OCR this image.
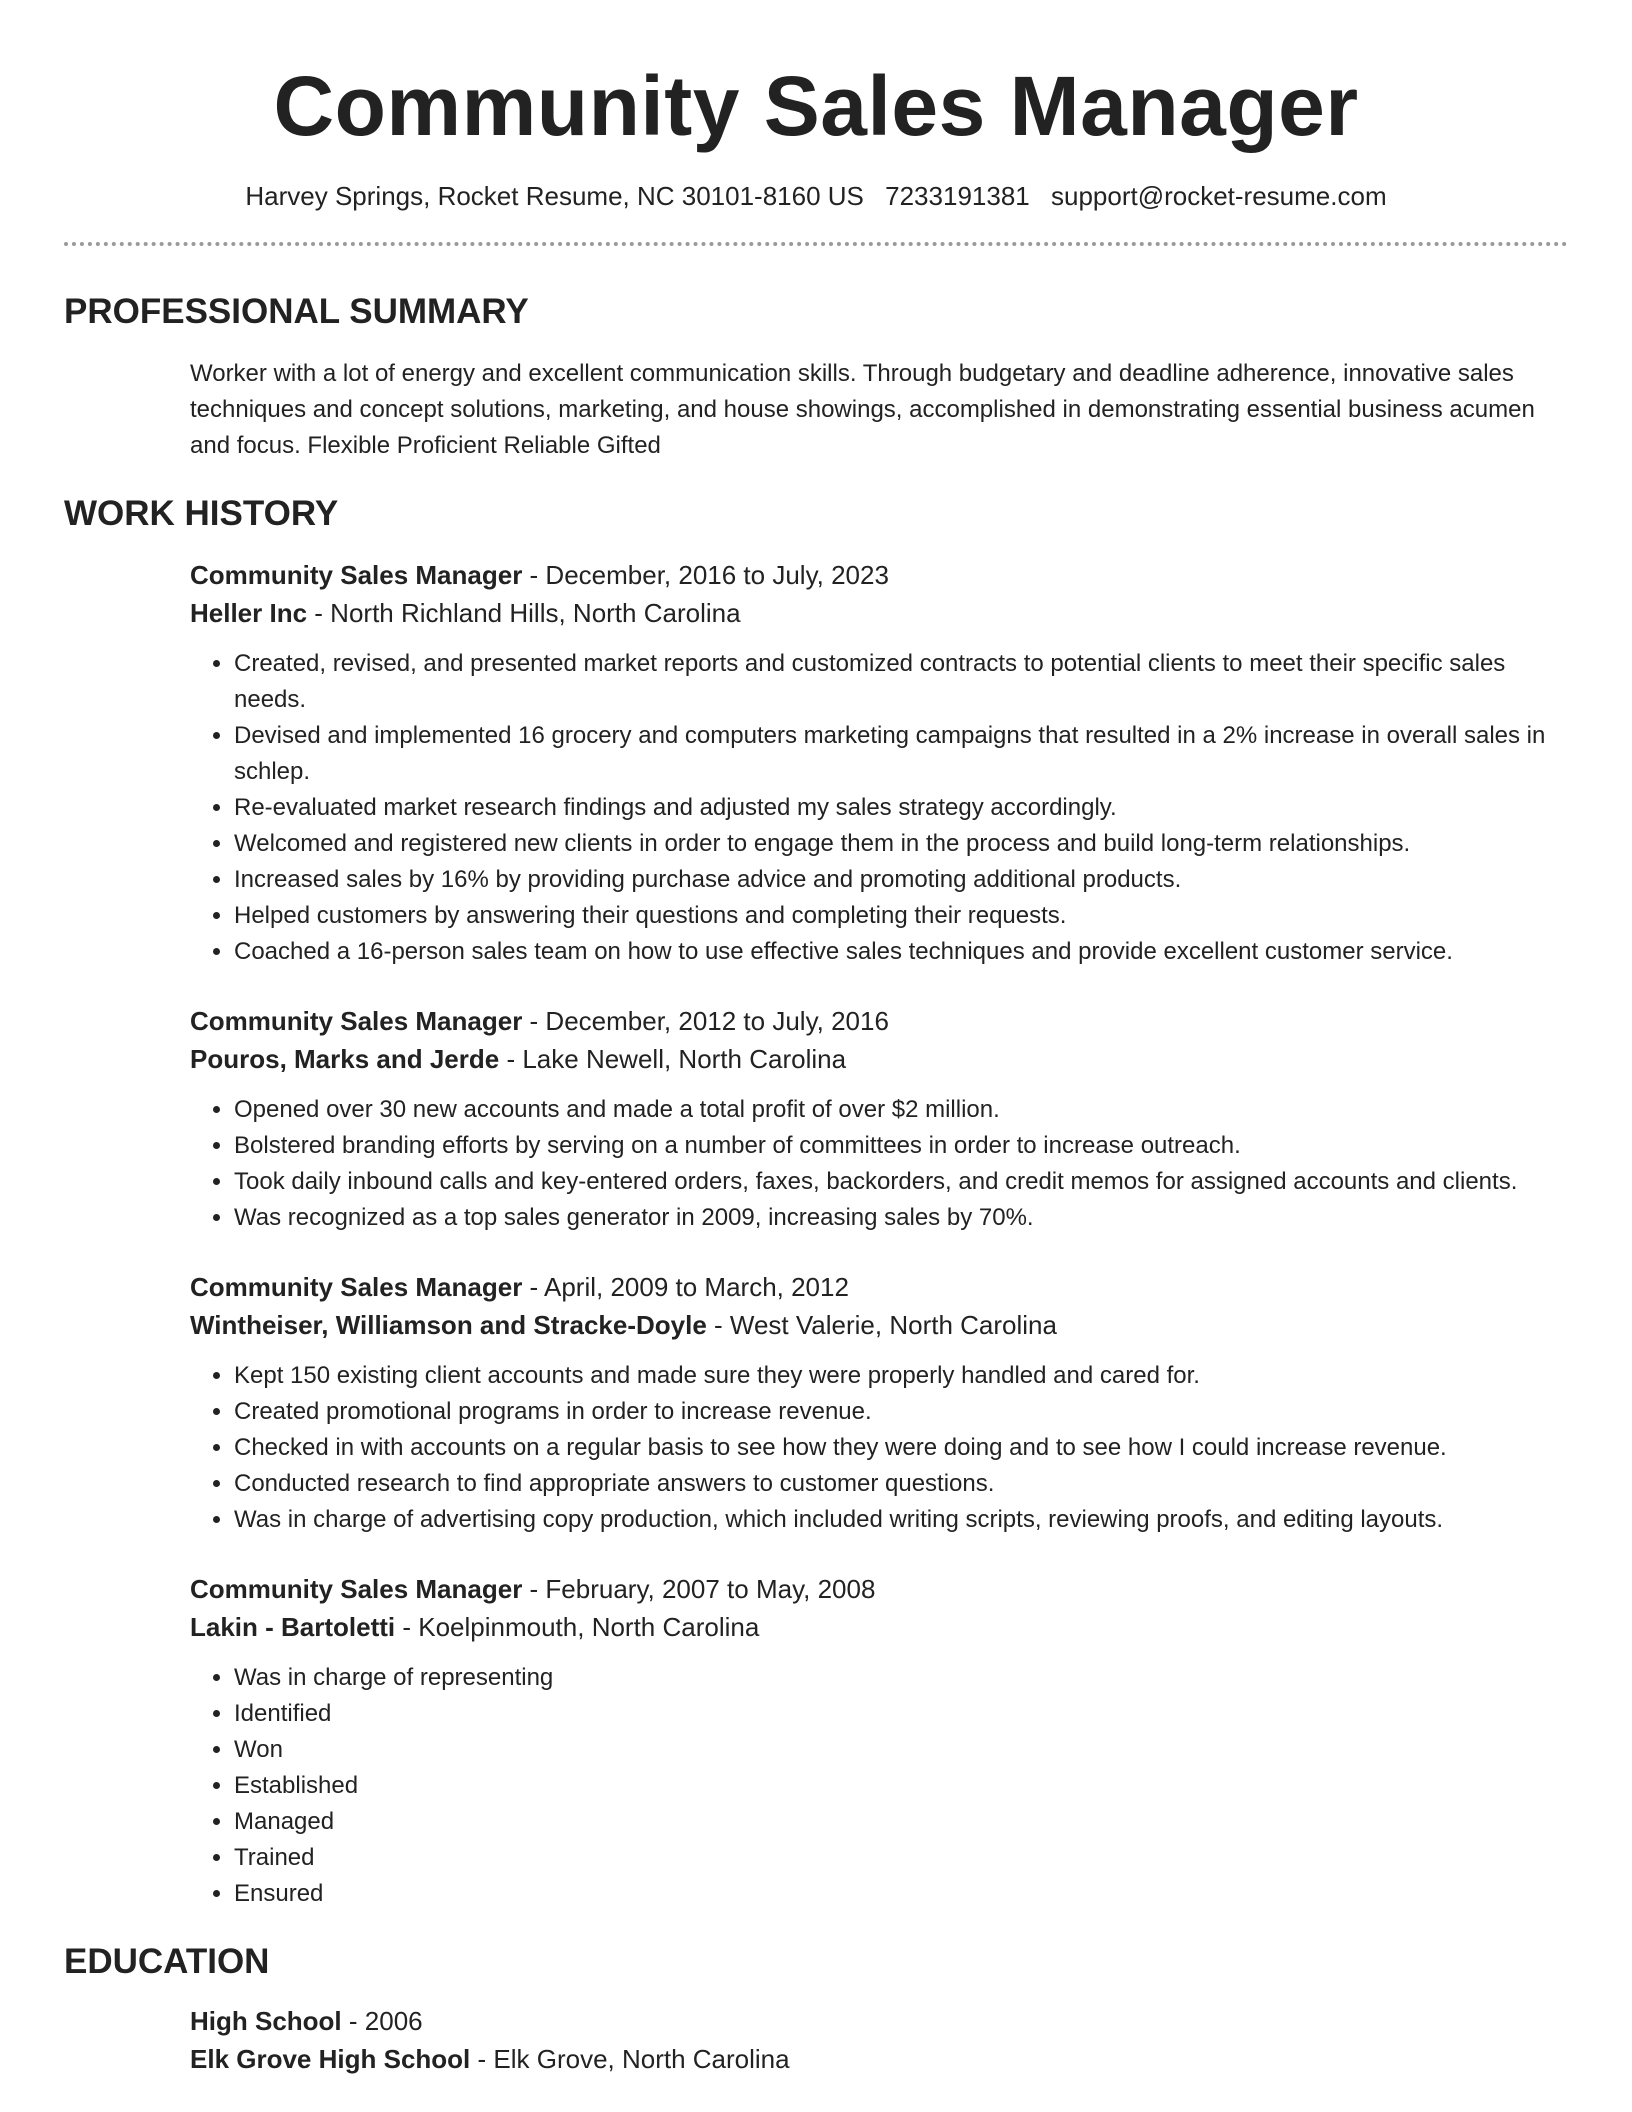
Community Sales Manager
Harvey Springs, Rocket Resume, NC 30101-8160 US 7233191381 support@rocket-resume.com
PROFESSIONAL SUMMARY
Worker with a lot of energy and excellent communication skills. Through budgetary and deadline adherence, innovative sales techniques and concept solutions, marketing, and house showings, accomplished in demonstrating essential business acumen and focus. Flexible Proficient Reliable Gifted
WORK HISTORY
Community Sales Manager - December, 2016 to July, 2023
Heller Inc - North Richland Hills, North Carolina
• Created, revised, and presented market reports and customized contracts to potential clients to meet their specific sales needs.
• Devised and implemented 16 grocery and computers marketing campaigns that resulted in a 2% increase in overall sales in schlep.
• Re-evaluated market research findings and adjusted my sales strategy accordingly.
• Welcomed and registered new clients in order to engage them in the process and build long-term relationships.
• Increased sales by 16% by providing purchase advice and promoting additional products.
• Helped customers by answering their questions and completing their requests.
• Coached a 16-person sales team on how to use effective sales techniques and provide excellent customer service.
Community Sales Manager - December, 2012 to July, 2016
Pouros, Marks and Jerde - Lake Newell, North Carolina
• Opened over 30 new accounts and made a total profit of over $2 million.
• Bolstered branding efforts by serving on a number of committees in order to increase outreach.
• Took daily inbound calls and key-entered orders, faxes, backorders, and credit memos for assigned accounts and clients.
• Was recognized as a top sales generator in 2009, increasing sales by 70%.
Community Sales Manager - April, 2009 to March, 2012
Wintheiser, Williamson and Stracke-Doyle - West Valerie, North Carolina
• Kept 150 existing client accounts and made sure they were properly handled and cared for.
• Created promotional programs in order to increase revenue.
• Checked in with accounts on a regular basis to see how they were doing and to see how I could increase revenue.
• Conducted research to find appropriate answers to customer questions.
• Was in charge of advertising copy production, which included writing scripts, reviewing proofs, and editing layouts.
Community Sales Manager - February, 2007 to May, 2008
Lakin - Bartoletti - Koelpinmouth, North Carolina
• Was in charge of representing
• Identified
• Won
• Established
• Managed
• Trained
• Ensured
EDUCATION
High School - 2006
Elk Grove High School - Elk Grove, North Carolina
